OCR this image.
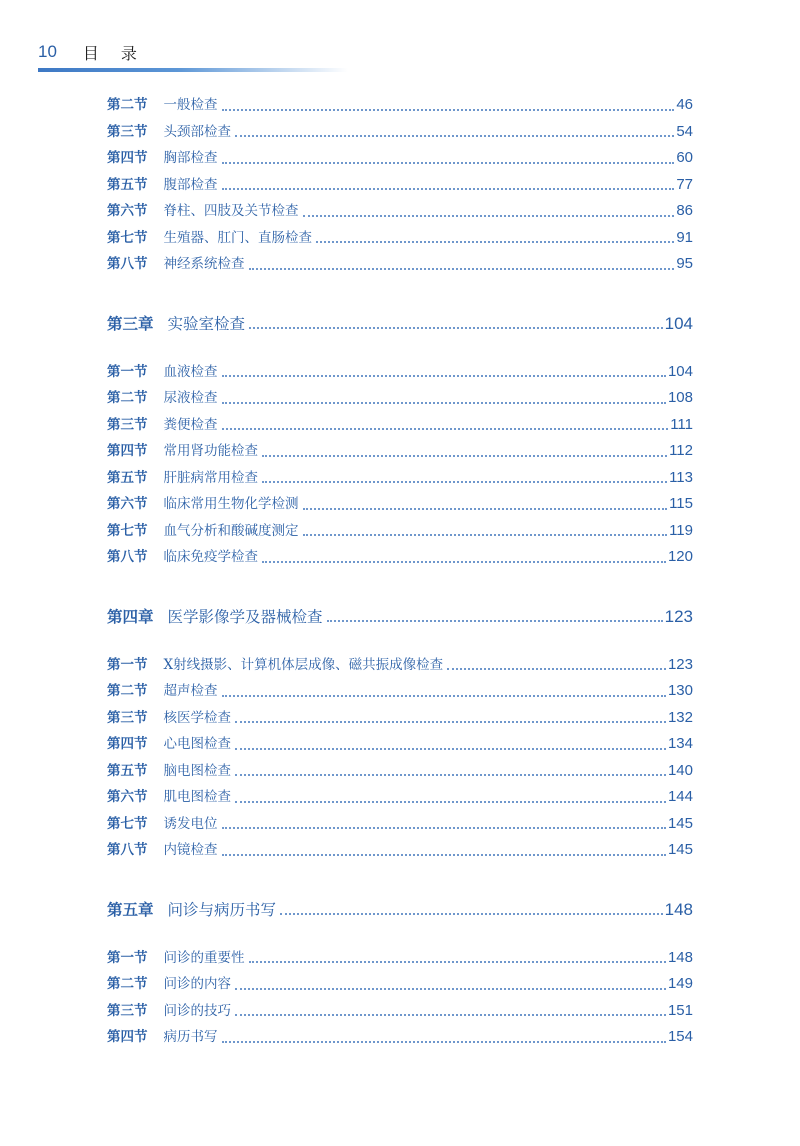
10 目录
第二节 一般检查	46
第三节 头颈部检查	54
第四节 胸部检查	60
第五节 腹部检查	77
第六节 脊柱、四肢及关节检查	86
第七节 生殖器、肛门、直肠检查	91
第八节 神经系统检查	95
第三章 实验室检查	104
第一节 血液检查	104
第二节 尿液检查	108
第三节 粪便检查	111
第四节 常用肾功能检查	112
第五节 肝脏病常用检查	113
第六节 临床常用生物化学检测	115
第七节 血气分析和酸碱度测定	119
第八节 临床免疫学检查	120
第四章 医学影像学及器械检查	123
第一节 X射线摄影、计算机体层成像、磁共振成像检查	123
第二节 超声检查	130
第三节 核医学检查	132
第四节 心电图检查	134
第五节 脑电图检查	140
第六节 肌电图检查	144
第七节 诱发电位	145
第八节 内镜检查	145
第五章 问诊与病历书写	148
第一节 问诊的重要性	148
第二节 问诊的内容	149
第三节 问诊的技巧	151
第四节 病历书写	154
